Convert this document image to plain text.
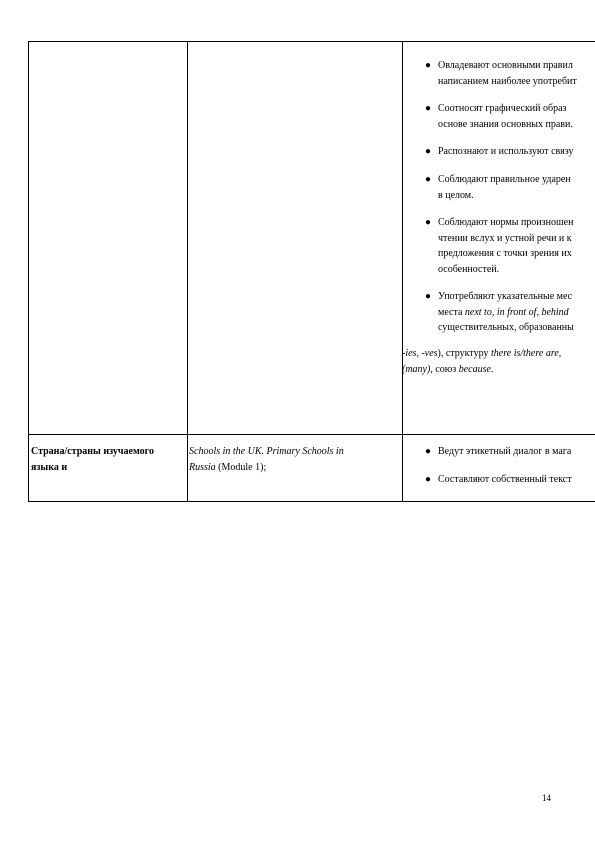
● Овладевают основными правил
написанием наиболее употребит
● Соотносят графический образ
основе знания основных прави.
● Распознают и используют связу
● Соблюдают правильное ударен
в целом.
● Соблюдают нормы произношен
чтении вслух и устной речи и к
предложения с точки зрения их
особенностей.
● Употребляют указательные мес
места next to, in front of, behind
существительных, образованны
-ies, -ves), структуру there is/there are,
(many), союз because.
Страна/страны изучаемого
языка и
Schools in the UK. Primary Schools in
Russia (Module 1);
● Ведут этикетный диалог в мага
● Составляют собственный текст
14
